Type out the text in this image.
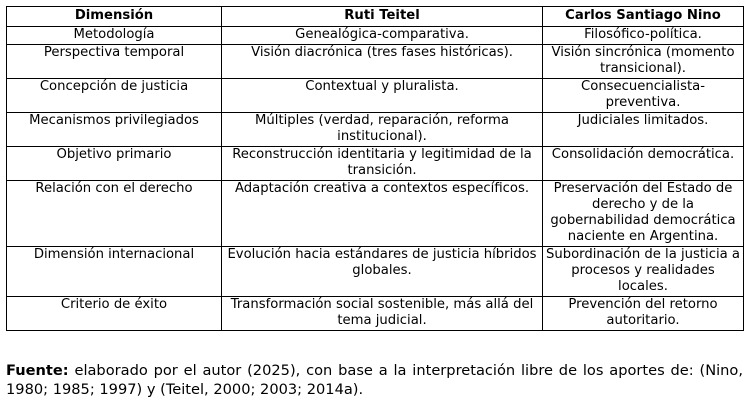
Dimensión	Ruti Teitel	Carlos Santiago Nino
Metodología	Genealógica-comparativa.	Filosófico-política.
Perspectiva temporal	Visión diacrónica (tres fases históricas).	Visión sincrónica (momento transicional).
Concepción de justicia	Contextual y pluralista.	Consecuencialista-preventiva.
Mecanismos privilegiados	Múltiples (verdad, reparación, reforma institucional).	Judiciales limitados.
Objetivo primario	Reconstrucción identitaria y legitimidad de la transición.	Consolidación democrática.
Relación con el derecho	Adaptación creativa a contextos específicos.	Preservación del Estado de derecho y de la gobernabilidad democrática naciente en Argentina.
Dimensión internacional	Evolución hacia estándares de justicia híbridos globales.	Subordinación de la justicia a procesos y realidades locales.
Criterio de éxito	Transformación social sostenible, más allá del tema judicial.	Prevención del retorno autoritario.

Fuente: elaborado por el autor (2025), con base a la interpretación libre de los aportes de: (Nino, 1980; 1985; 1997) y (Teitel, 2000; 2003; 2014a).
